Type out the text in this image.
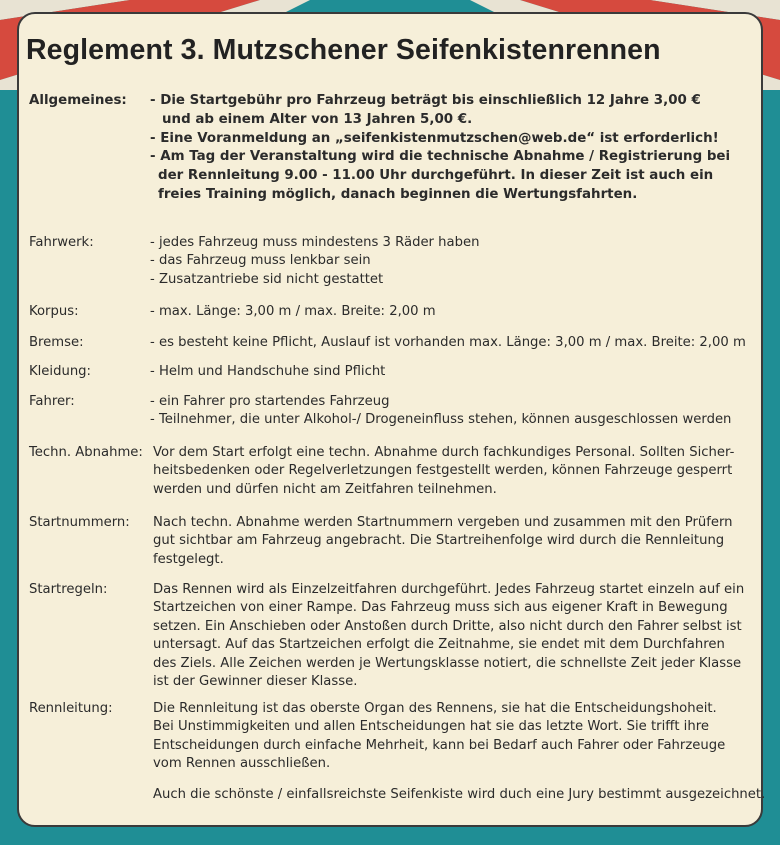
Reglement 3. Mutzschener Seifenkistenrennen
Allgemeines: - Die Startgebühr pro Fahrzeug beträgt bis einschließlich 12 Jahre 3,00 €
und ab einem Alter von 13 Jahren 5,00 €.
- Eine Voranmeldung an „seifenkistenmutzschen@web.de“ ist erforderlich!
- Am Tag der Veranstaltung wird die technische Abnahme / Registrierung bei
der Rennleitung 9.00 - 11.00 Uhr durchgeführt. In dieser Zeit ist auch ein
freies Training möglich, danach beginnen die Wertungsfahrten.
Fahrwerk:	- jedes Fahrzeug muss mindestens 3 Räder haben
- das Fahrzeug muss lenkbar sein
- Zusatzantriebe sid nicht gestattet
Korpus:	- max. Länge: 3,00 m / max. Breite: 2,00 m
Bremse:	- es besteht keine Pflicht, Auslauf ist vorhanden max. Länge: 3,00 m / max. Breite: 2,00 m
Kleidung:	- Helm und Handschuhe sind Pflicht
Fahrer:	- ein Fahrer pro startendes Fahrzeug
- Teilnehmer, die unter Alkohol-/ Drogeneinfluss stehen, können ausgeschlossen werden
Techn. Abnahme: Vor dem Start erfolgt eine techn. Abnahme durch fachkundiges Personal. Sollten Sicher-
heitsbedenken oder Regelverletzungen festgestellt werden, können Fahrzeuge gesperrt
werden und dürfen nicht am Zeitfahren teilnehmen.
Startnummern: Nach techn. Abnahme werden Startnummern vergeben und zusammen mit den Prüfern
gut sichtbar am Fahrzeug angebracht. Die Startreihenfolge wird durch die Rennleitung
festgelegt.
Startregeln:	Das Rennen wird als Einzelzeitfahren durchgeführt. Jedes Fahrzeug startet einzeln auf ein
Startzeichen von einer Rampe. Das Fahrzeug muss sich aus eigener Kraft in Bewegung
setzen. Ein Anschieben oder Anstoßen durch Dritte, also nicht durch den Fahrer selbst ist
untersagt. Auf das Startzeichen erfolgt die Zeitnahme, sie endet mit dem Durchfahren
des Ziels. Alle Zeichen werden je Wertungsklasse notiert, die schnellste Zeit jeder Klasse
ist der Gewinner dieser Klasse.
Rennleitung:	Die Rennleitung ist das oberste Organ des Rennens, sie hat die Entscheidungshoheit.
Bei Unstimmigkeiten und allen Entscheidungen hat sie das letzte Wort. Sie trifft ihre
Entscheidungen durch einfache Mehrheit, kann bei Bedarf auch Fahrer oder Fahrzeuge
vom Rennen ausschließen.
Auch die schönste / einfallsreichste Seifenkiste wird duch eine Jury bestimmt ausgezeichnet.
